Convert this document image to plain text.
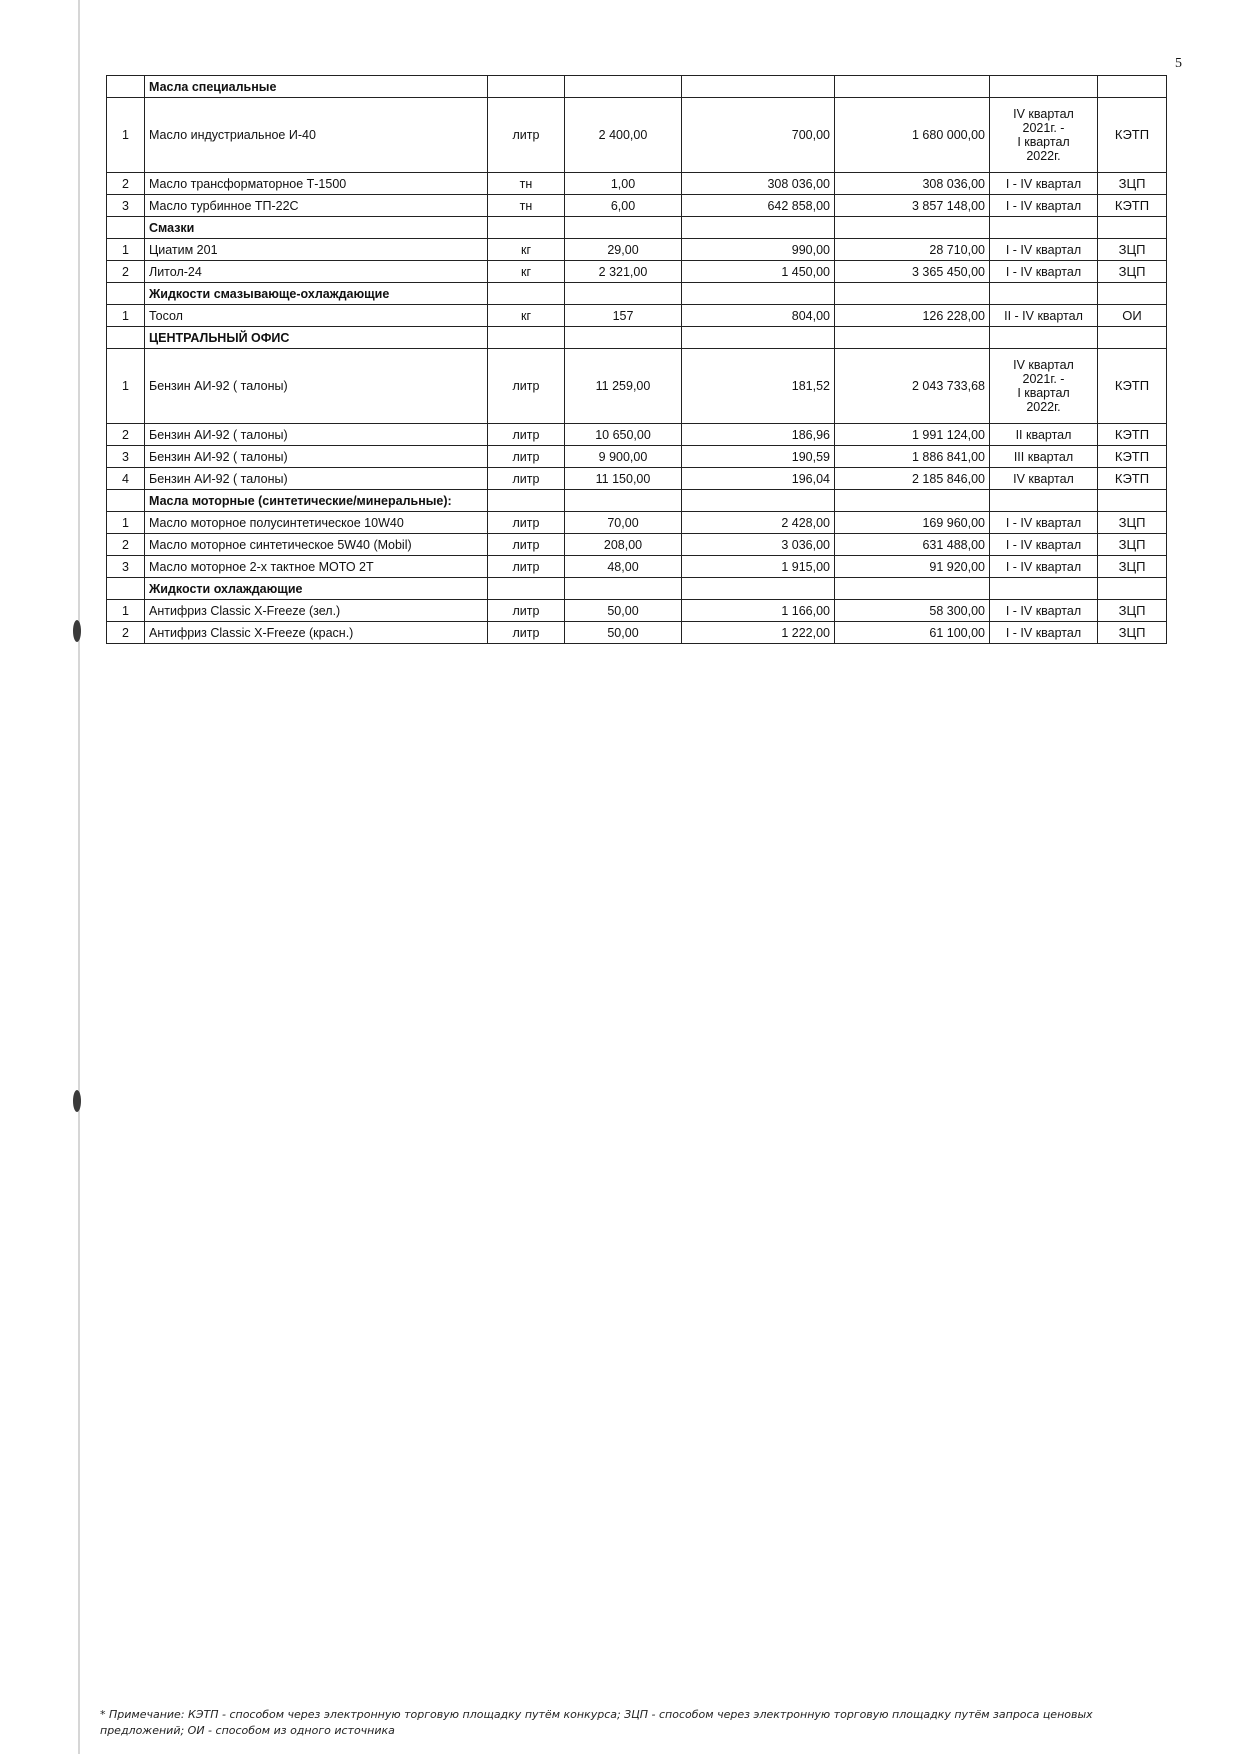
5
	Масла специальные						
1	Масло индустриальное И-40	литр	2 400,00	700,00	1 680 000,00	IV квартал
2021г. -
I квартал
2022г.	КЭТП
2	Масло трансформаторное Т-1500	тн	1,00	308 036,00	308 036,00	I - IV квартал	ЗЦП
3	Масло турбинное ТП-22С	тн	6,00	642 858,00	3 857 148,00	I - IV квартал	КЭТП
	Смазки						
1	Циатим 201	кг	29,00	990,00	28 710,00	I - IV квартал	ЗЦП
2	Литол-24	кг	2 321,00	1 450,00	3 365 450,00	I - IV квартал	ЗЦП
	Жидкости смазывающе-охлаждающие						
1	Тосол	кг	157	804,00	126 228,00	II - IV квартал	ОИ
	ЦЕНТРАЛЬНЫЙ ОФИС						
1	Бензин АИ-92 ( талоны)	литр	11 259,00	181,52	2 043 733,68	IV квартал
2021г. -
I квартал
2022г.	КЭТП
2	Бензин АИ-92 ( талоны)	литр	10 650,00	186,96	1 991 124,00	II квартал	КЭТП
3	Бензин АИ-92 ( талоны)	литр	9 900,00	190,59	1 886 841,00	III квартал	КЭТП
4	Бензин АИ-92 ( талоны)	литр	11 150,00	196,04	2 185 846,00	IV квартал	КЭТП
	Масла моторные (синтетические/минеральные):						
1	Масло моторное полусинтетическое 10W40	литр	70,00	2 428,00	169 960,00	I - IV квартал	ЗЦП
2	Масло моторное синтетическое 5W40 (Mobil)	литр	208,00	3 036,00	631 488,00	I - IV квартал	ЗЦП
3	Масло моторное 2-х тактное МОТО 2Т	литр	48,00	1 915,00	91 920,00	I - IV квартал	ЗЦП
	Жидкости охлаждающие						
1	Антифриз Classic X-Freeze (зел.)	литр	50,00	1 166,00	58 300,00	I - IV квартал	ЗЦП
2	Антифриз Classic X-Freeze (красн.)	литр	50,00	1 222,00	61 100,00	I - IV квартал	ЗЦП
* Примечание: КЭТП - способом через электронную торговую площадку путём конкурса; ЗЦП - способом через электронную торговую площадку путём запроса ценовых предложений; ОИ - способом из одного источника
